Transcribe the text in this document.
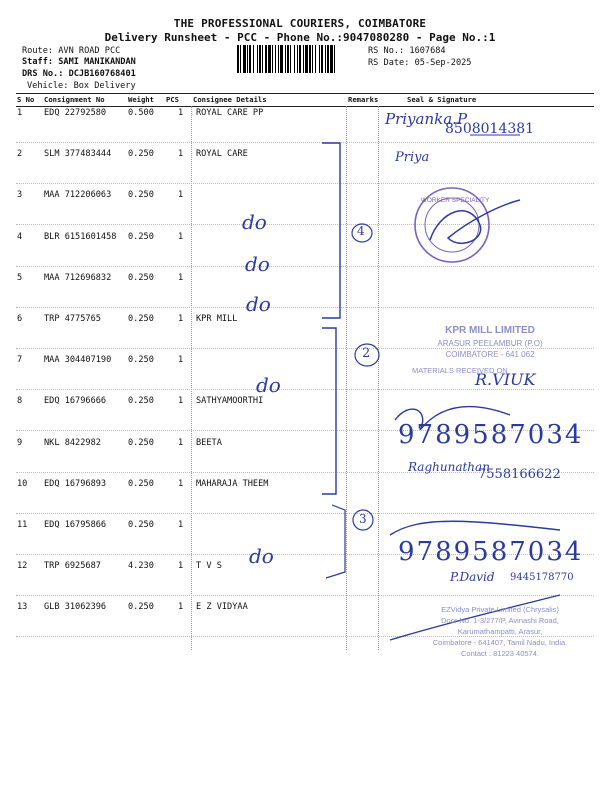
THE PROFESSIONAL COURIERS, COIMBATORE
Delivery Runsheet - PCC - Phone No.:9047080280 - Page No.:1
Route: AVN ROAD PCC
Staff: SAMI MANIKANDAN
DRS No.: DCJB160768401
Vehicle: Box Delivery
RS No.: 1607684
RS Date: 05-Sep-2025
S No Consignment No	Weight PCS Consignee Details	Remarks	Seal & Signature
1	EDQ 22792580	0.500	1 ROYAL CARE PP
2	SLM 377483444 0.250	1 ROYAL CARE
3	MAA 712206063 0.250	1
4	BLR 6151601458 0.250	1
5	MAA 712696832 0.250	1
6	TRP 4775765	0.250	1 KPR MILL
7	MAA 304407190 0.250	1
8	EDQ 16796666	0.250	1 SATHYAMOORTHI
9	NKL 8422982	0.250	1 BEETA
10 EDQ 16796893	0.250	1 MAHARAJA THEEM
11 EDQ 16795866	0.250	1
12 TRP 6925687	4.230	1 T V S
13 GLB 31062396	0.250	1 E Z VIDYAA
do
do
do
do
do
4
2
3
Priyanka.P
8508014381
Priya
R.VIUK
9789587034
Raghunathan
7558166622
9789587034
P.David 9445178770
KPR MILL LIMITED
ARASUR PEELAMBUR (P.O)
COIMBATORE - 641 062
MATERIALS RECEIVED ON
EZVidya Private Limited (Chrysalis)
Door No. 1-3/277/P, Avinashi Road,
Karumathampatti, Arasur,
Coimbatore - 641407, Tamil Nadu, India.
Contact : 81223 40574.
WORKER SPECIALITY
